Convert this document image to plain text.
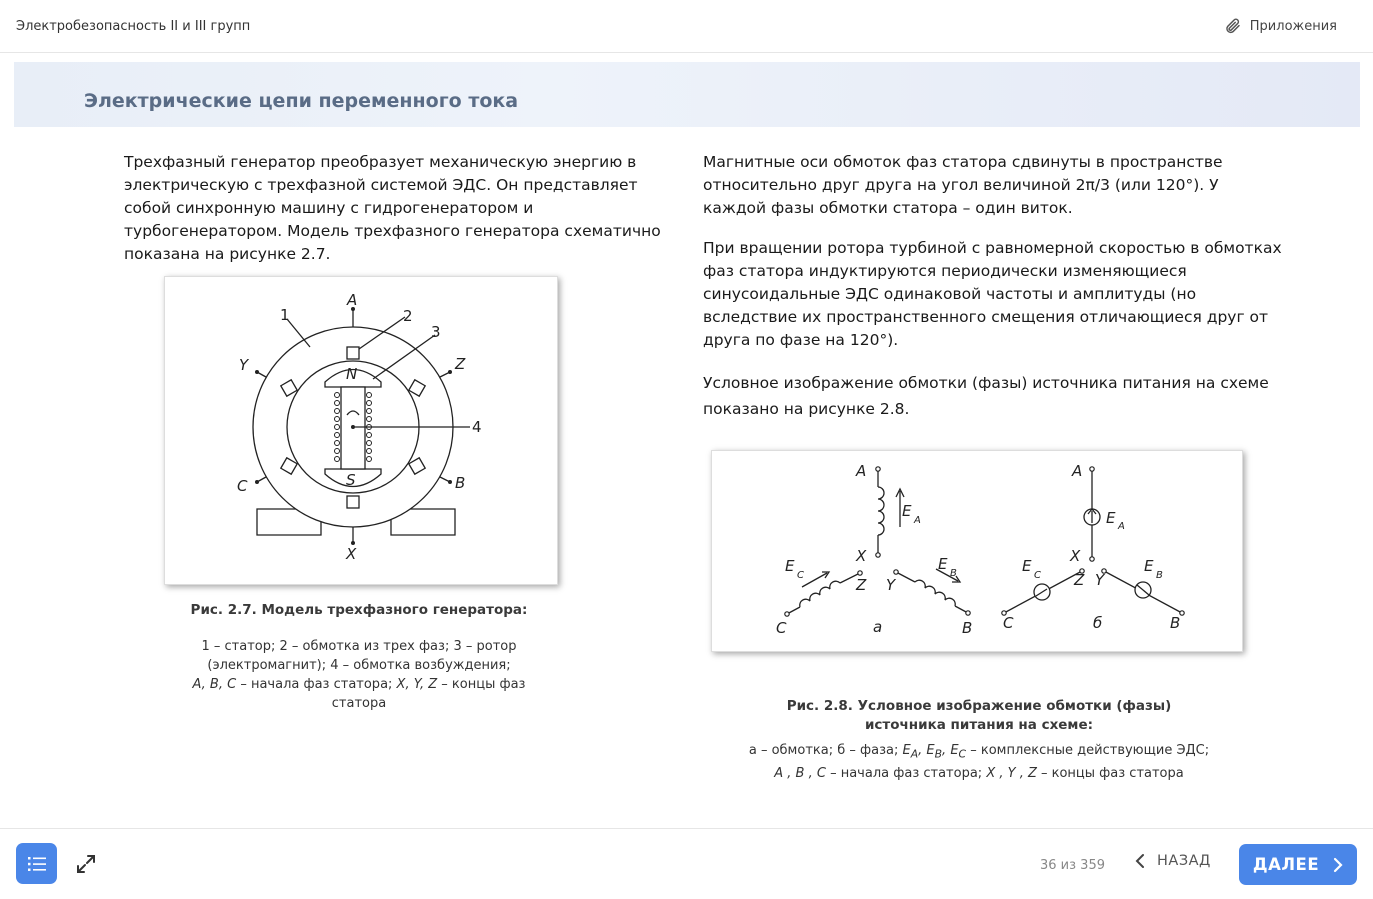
Электробезопасность II и III групп	Приложения
Электрические цепи переменного тока
Трехфазный генератор преобразует механическую энергию в электрическую с трехфазной системой ЭДС. Он представляет собой синхронную машину с гидрогенератором и турбогенератором. Модель трехфазного генератора схематично показана на рисунке 2.7.
Магнитные оси обмоток фаз статора сдвинуты в пространстве относительно друг друга на угол величиной 2π/3 (или 120°). У каждой фазы обмотки статора – один виток.
При вращении ротора турбиной с равномерной скоростью в обмотках фаз статора индуктируются периодически изменяющиеся синусоидальные ЭДС одинаковой частоты и амплитуды (но вследствие их пространственного смещения отличающиеся друг от друга по фазе на 120°).
Условное изображение обмотки (фазы) источника питания на схеме показано на рисунке 2.8.
1	2
3
4
A
X
Y	Z
C	B
N
S
Рис. 2.7. Модель трехфазного генератора:
1 – статор; 2 – обмотка из трех фаз; 3 – ротор (электромагнит); 4 – обмотка возбуждения;
A, B, C – начала фаз статора; X, Y, Z – концы фаз статора
A
X
C
Z Y
B
E
A
E
C
E
B
а
A
X
C
Z Y
B
E A
E
C
E
B
б
Рис. 2.8. Условное изображение обмотки (фазы)
источника питания на схеме:
а – обмотка; б – фаза; $E_A$, $E_B$, $E_C$ – комплексные действующие ЭДС;
A , B , C – начала фаз статора; X , Y , Z – концы фаз статора
36 из 359	НАЗАД	ДАЛЕЕ
